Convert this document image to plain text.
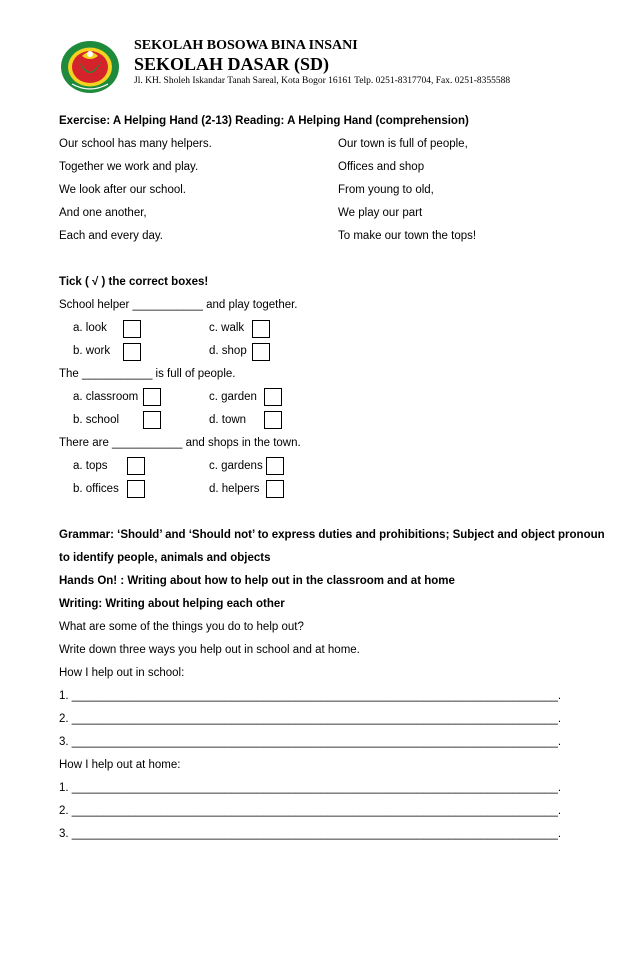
SEKOLAH BOSOWA BINA INSANI
SEKOLAH DASAR (SD)
Jl. KH. Sholeh Iskandar Tanah Sareal, Kota Bogor 16161 Telp. 0251-8317704, Fax. 0251-8355588
Exercise: A Helping Hand (2-13) Reading: A Helping Hand (comprehension)
Our school has many helpers.
Together we work and play.
We look after our school.
And one another,
Each and every day.
Our town is full of people,
Offices and shop
From young to old,
We play our part
To make our town the tops!
Tick ( √ ) the correct boxes!
School helper ___________ and play together.
a. look	c. walk
b. work	d. shop
The ___________ is full of people.
a. classroom	c. garden
b. school	d. town
There are ___________ and shops in the town.
a. tops	c. gardens
b. offices	d. helpers
Grammar: ‘Should’ and ‘Should not’ to express duties and prohibitions; Subject and object pronoun
to identify people, animals and objects
Hands On! : Writing about how to help out in the classroom and at home
Writing: Writing about helping each other
What are some of the things you do to help out?
Write down three ways you help out in school and at home.
How I help out in school:
1. ____________________________________________________________________________.
2. ____________________________________________________________________________.
3. ____________________________________________________________________________.
How I help out at home:
1. ____________________________________________________________________________.
2. ____________________________________________________________________________.
3. ____________________________________________________________________________.
